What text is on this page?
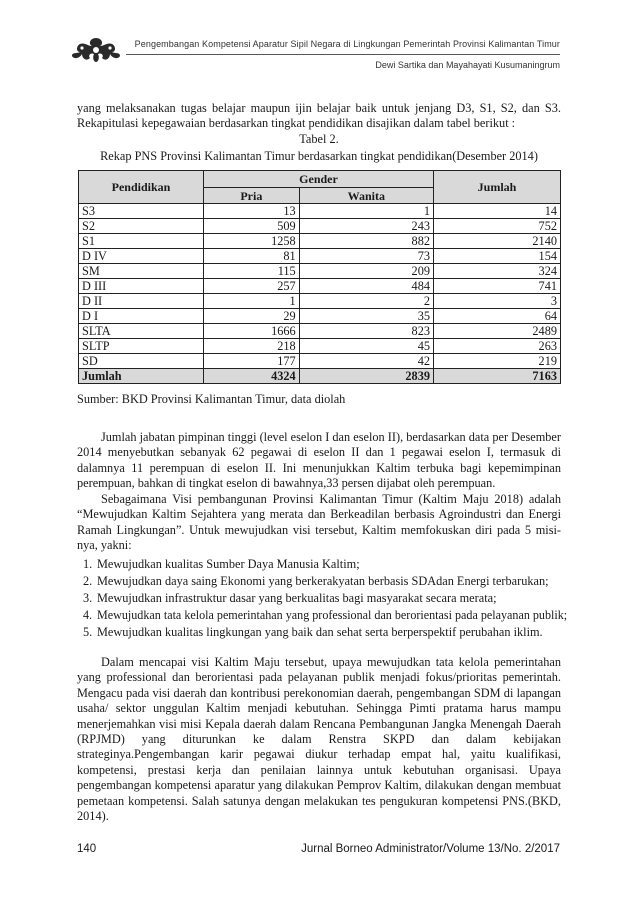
Pengembangan Kompetensi Aparatur Sipil Negara di Lingkungan Pemerintah Provinsi Kalimantan Timur
Dewi Sartika dan Mayahayati Kusumaningrum
yang melaksanakan tugas belajar maupun ijin belajar baik untuk jenjang D3, S1, S2, dan S3. Rekapitulasi kepegawaian berdasarkan tingkat pendidikan disajikan dalam tabel berikut :
Tabel 2.
Rekap PNS Provinsi Kalimantan Timur berdasarkan tingkat pendidikan(Desember 2014)
Pendidikan	Gender		Jumlah
	Pria	Wanita	
S3	13	1	14
S2	509	243	752
S1	1258	882	2140
D IV	81	73	154
SM	115	209	324
D III	257	484	741
D II	1	2	3
D I	29	35	64
SLTA	1666	823	2489
SLTP	218	45	263
SD	177	42	219
Jumlah	4324	2839	7163
Sumber: BKD Provinsi Kalimantan Timur, data diolah
Jumlah jabatan pimpinan tinggi (level eselon I dan eselon II), berdasarkan data per Desember 2014 menyebutkan sebanyak 62 pegawai di eselon II dan 1 pegawai eselon I, termasuk di dalamnya 11 perempuan di eselon II. Ini menunjukkan Kaltim terbuka bagi kepemimpinan perempuan, bahkan di tingkat eselon di bawahnya,33 persen dijabat oleh perempuan.
Sebagaimana Visi pembangunan Provinsi Kalimantan Timur (Kaltim Maju 2018) adalah “Mewujudkan Kaltim Sejahtera yang merata dan Berkeadilan berbasis Agroindustri dan Energi Ramah Lingkungan”. Untuk mewujudkan visi tersebut, Kaltim memfokuskan diri pada 5 misi-nya, yakni:
1. Mewujudkan kualitas Sumber Daya Manusia Kaltim;
2. Mewujudkan daya saing Ekonomi yang berkerakyatan berbasis SDAdan Energi terbarukan;
3. Mewujudkan infrastruktur dasar yang berkualitas bagi masyarakat secara merata;
4. Mewujudkan tata kelola pemerintahan yang professional dan berorientasi pada pelayanan publik;
5. Mewujudkan kualitas lingkungan yang baik dan sehat serta berperspektif perubahan iklim.
Dalam mencapai visi Kaltim Maju tersebut, upaya mewujudkan tata kelola pemerintahan yang professional dan berorientasi pada pelayanan publik menjadi fokus/prioritas pemerintah. Mengacu pada visi daerah dan kontribusi perekonomian daerah, pengembangan SDM di lapangan usaha/ sektor unggulan Kaltim menjadi kebutuhan. Sehingga Pimti pratama harus mampu menerjemahkan visi misi Kepala daerah dalam Rencana Pembangunan Jangka Menengah Daerah (RPJMD) yang diturunkan ke dalam Renstra SKPD dan dalam kebijakan strateginya.Pengembangan karir pegawai diukur terhadap empat hal, yaitu kualifikasi, kompetensi, prestasi kerja dan penilaian lainnya untuk kebutuhan organisasi. Upaya pengembangan kompetensi aparatur yang dilakukan Pemprov Kaltim, dilakukan dengan membuat pemetaan kompetensi. Salah satunya dengan melakukan tes pengukuran kompetensi PNS.(BKD, 2014).
140	Jurnal Borneo Administrator/Volume 13/No. 2/2017
